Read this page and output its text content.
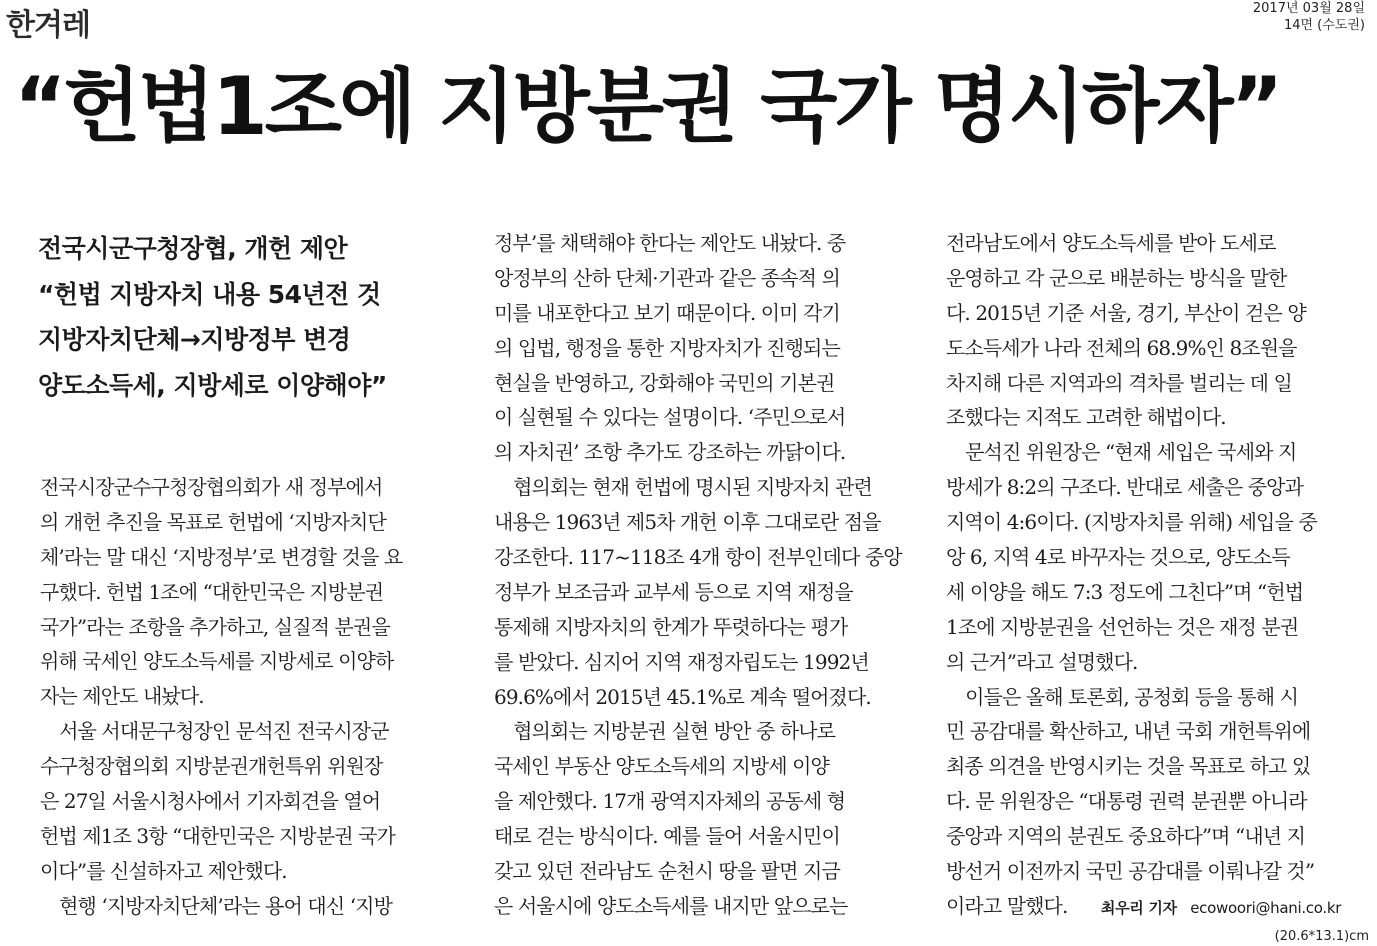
한겨레	2017년 03월 28일
14면 (수도권)
“헌법1조에 지방분권 국가 명시하자”
전국시군구청장협, 개헌 제안
“헌법 지방자치 내용 54년전 것
지방자치단체→지방정부 변경
양도소득세, 지방세로 이양해야”
전국시장군수구청장협의회가 새 정부에서
의 개헌 추진을 목표로 헌법에 ‘지방자치단
체’라는 말 대신 ‘지방정부’로 변경할 것을 요
구했다. 헌법 1조에 “대한민국은 지방분권
국가”라는 조항을 추가하고, 실질적 분권을
위해 국세인 양도소득세를 지방세로 이양하
자는 제안도 내놨다.
　서울 서대문구청장인 문석진 전국시장군
수구청장협의회 지방분권개헌특위 위원장
은 27일 서울시청사에서 기자회견을 열어
헌법 제1조 3항 “대한민국은 지방분권 국가
이다”를 신설하자고 제안했다.
　현행 ‘지방자치단체’라는 용어 대신 ‘지방
정부’를 채택해야 한다는 제안도 내놨다. 중
앙정부의 산하 단체·기관과 같은 종속적 의
미를 내포한다고 보기 때문이다. 이미 각기
의 입법, 행정을 통한 지방자치가 진행되는
현실을 반영하고, 강화해야 국민의 기본권
이 실현될 수 있다는 설명이다. ‘주민으로서
의 자치권’ 조항 추가도 강조하는 까닭이다.
　협의회는 현재 헌법에 명시된 지방자치 관련
내용은 1963년 제5차 개헌 이후 그대로란 점을
강조한다. 117~118조 4개 항이 전부인데다 중앙
정부가 보조금과 교부세 등으로 지역 재정을
통제해 지방자치의 한계가 뚜렷하다는 평가
를 받았다. 심지어 지역 재정자립도는 1992년
69.6%에서 2015년 45.1%로 계속 떨어졌다.
　협의회는 지방분권 실현 방안 중 하나로
국세인 부동산 양도소득세의 지방세 이양
을 제안했다. 17개 광역지자체의 공동세 형
태로 걷는 방식이다. 예를 들어 서울시민이
갖고 있던 전라남도 순천시 땅을 팔면 지금
은 서울시에 양도소득세를 내지만 앞으로는
전라남도에서 양도소득세를 받아 도세로
운영하고 각 군으로 배분하는 방식을 말한
다. 2015년 기준 서울, 경기, 부산이 걷은 양
도소득세가 나라 전체의 68.9%인 8조원을
차지해 다른 지역과의 격차를 벌리는 데 일
조했다는 지적도 고려한 해법이다.
　문석진 위원장은 “현재 세입은 국세와 지
방세가 8:2의 구조다. 반대로 세출은 중앙과
지역이 4:6이다. (지방자치를 위해) 세입을 중
앙 6, 지역 4로 바꾸자는 것으로, 양도소득
세 이양을 해도 7:3 정도에 그친다”며 “헌법
1조에 지방분권을 선언하는 것은 재정 분권
의 근거”라고 설명했다.
　이들은 올해 토론회, 공청회 등을 통해 시
민 공감대를 확산하고, 내년 국회 개헌특위에
최종 의견을 반영시키는 것을 목표로 하고 있
다. 문 위원장은 “대통령 권력 분권뿐 아니라
중앙과 지역의 분권도 중요하다”며 “내년 지
방선거 이전까지 국민 공감대를 이뤄나갈 것”
이라고 말했다. 최우리 기자 ecowoori@hani.co.kr
(20.6*13.1)cm
